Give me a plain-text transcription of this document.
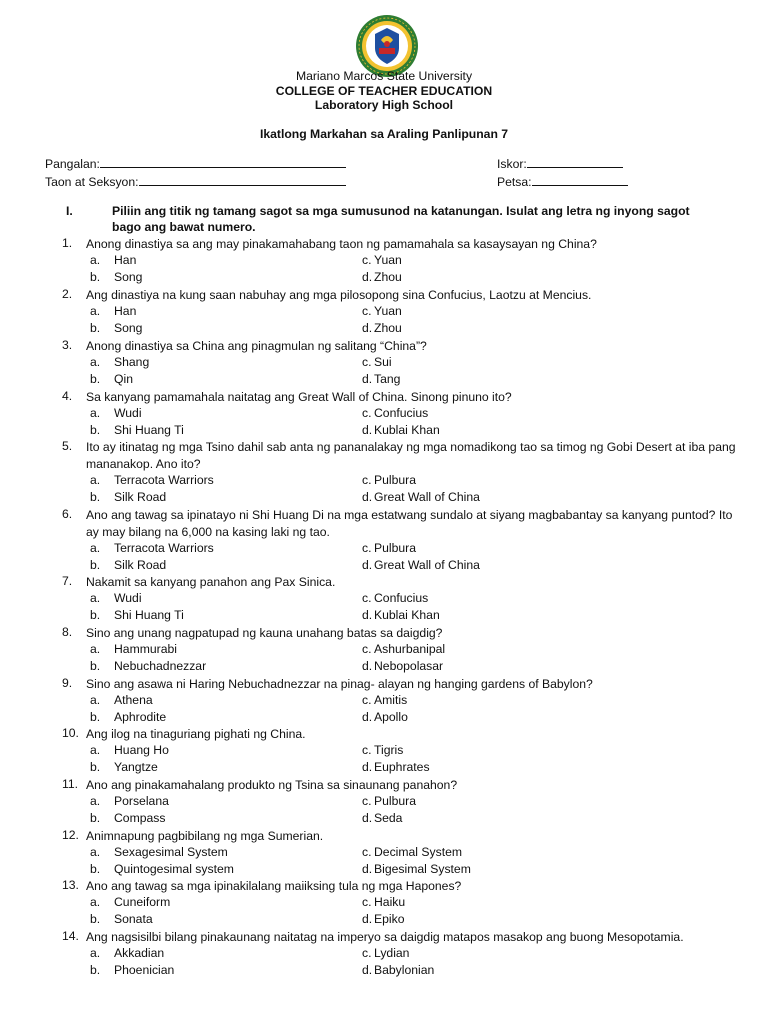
Mariano Marcos State University
COLLEGE OF TEACHER EDUCATION
Laboratory High School
Ikatlong Markahan sa Araling Panlipunan 7
Pangalan:
Taon at Seksyon:
Iskor:
Petsa:
I.	Piliin ang titik ng tamang sagot sa mga sumusunod na katanungan. Isulat ang letra ng inyong sagot bago ang bawat numero.
1.	Anong dinastiya sa ang may pinakamahabang taon ng pamamahala sa kasaysayan ng China?
a. Han
b. Song
c. Yuan
d. Zhou
2.	Ang dinastiya na kung saan nabuhay ang mga pilosopong sina Confucius, Laotzu at Mencius.
a. Han
b. Song
c. Yuan
d. Zhou
3.	Anong dinastiya sa China ang pinagmulan ng salitang “China”?
a. Shang
b. Qin
c. Sui
d. Tang
4.	Sa kanyang pamamahala naitatag ang Great Wall of China. Sinong pinuno ito?
a. Wudi
b. Shi Huang Ti
c. Confucius
d. Kublai Khan
5.	Ito ay itinatag ng mga Tsino dahil sab anta ng pananalakay ng mga nomadikong tao sa timog ng Gobi Desert at iba pang mananakop. Ano ito?
a. Terracota Warriors
b. Silk Road
c. Pulbura
d. Great Wall of China
6.	Ano ang tawag sa ipinatayo ni Shi Huang Di na mga estatwang sundalo at siyang magbabantay sa kanyang puntod? Ito ay may bilang na 6,000 na kasing laki ng tao.
a. Terracota Warriors
b. Silk Road
c. Pulbura
d. Great Wall of China
7.	Nakamit sa kanyang panahon ang Pax Sinica.
a. Wudi
b. Shi Huang Ti
c. Confucius
d. Kublai Khan
8.	Sino ang unang nagpatupad ng kauna unahang batas sa daigdig?
a. Hammurabi
b. Nebuchadnezzar
c. Ashurbanipal
d. Nebopolasar
9.	Sino ang asawa ni Haring Nebuchadnezzar na pinag- alayan ng hanging gardens of Babylon?
a. Athena
b. Aphrodite
c. Amitis
d. Apollo
10. Ang ilog na tinaguriang pighati ng China.
a. Huang Ho
b. Yangtze
c. Tigris
d. Euphrates
11. Ano ang pinakamahalang produkto ng Tsina sa sinaunang panahon?
a. Porselana
b. Compass
c. Pulbura
d. Seda
12. Animnapung pagbibilang ng mga Sumerian.
a. Sexagesimal System
b. Quintogesimal system
c. Decimal System
d. Bigesimal System
13. Ano ang tawag sa mga ipinakilalang maiiksing tula ng mga Hapones?
a. Cuneiform
b. Sonata
c. Haiku
d. Epiko
14. Ang nagsisilbi bilang pinakaunang naitatag na imperyo sa daigdig matapos masakop ang buong Mesopotamia.
a. Akkadian
b. Phoenician
c. Lydian
d. Babylonian
